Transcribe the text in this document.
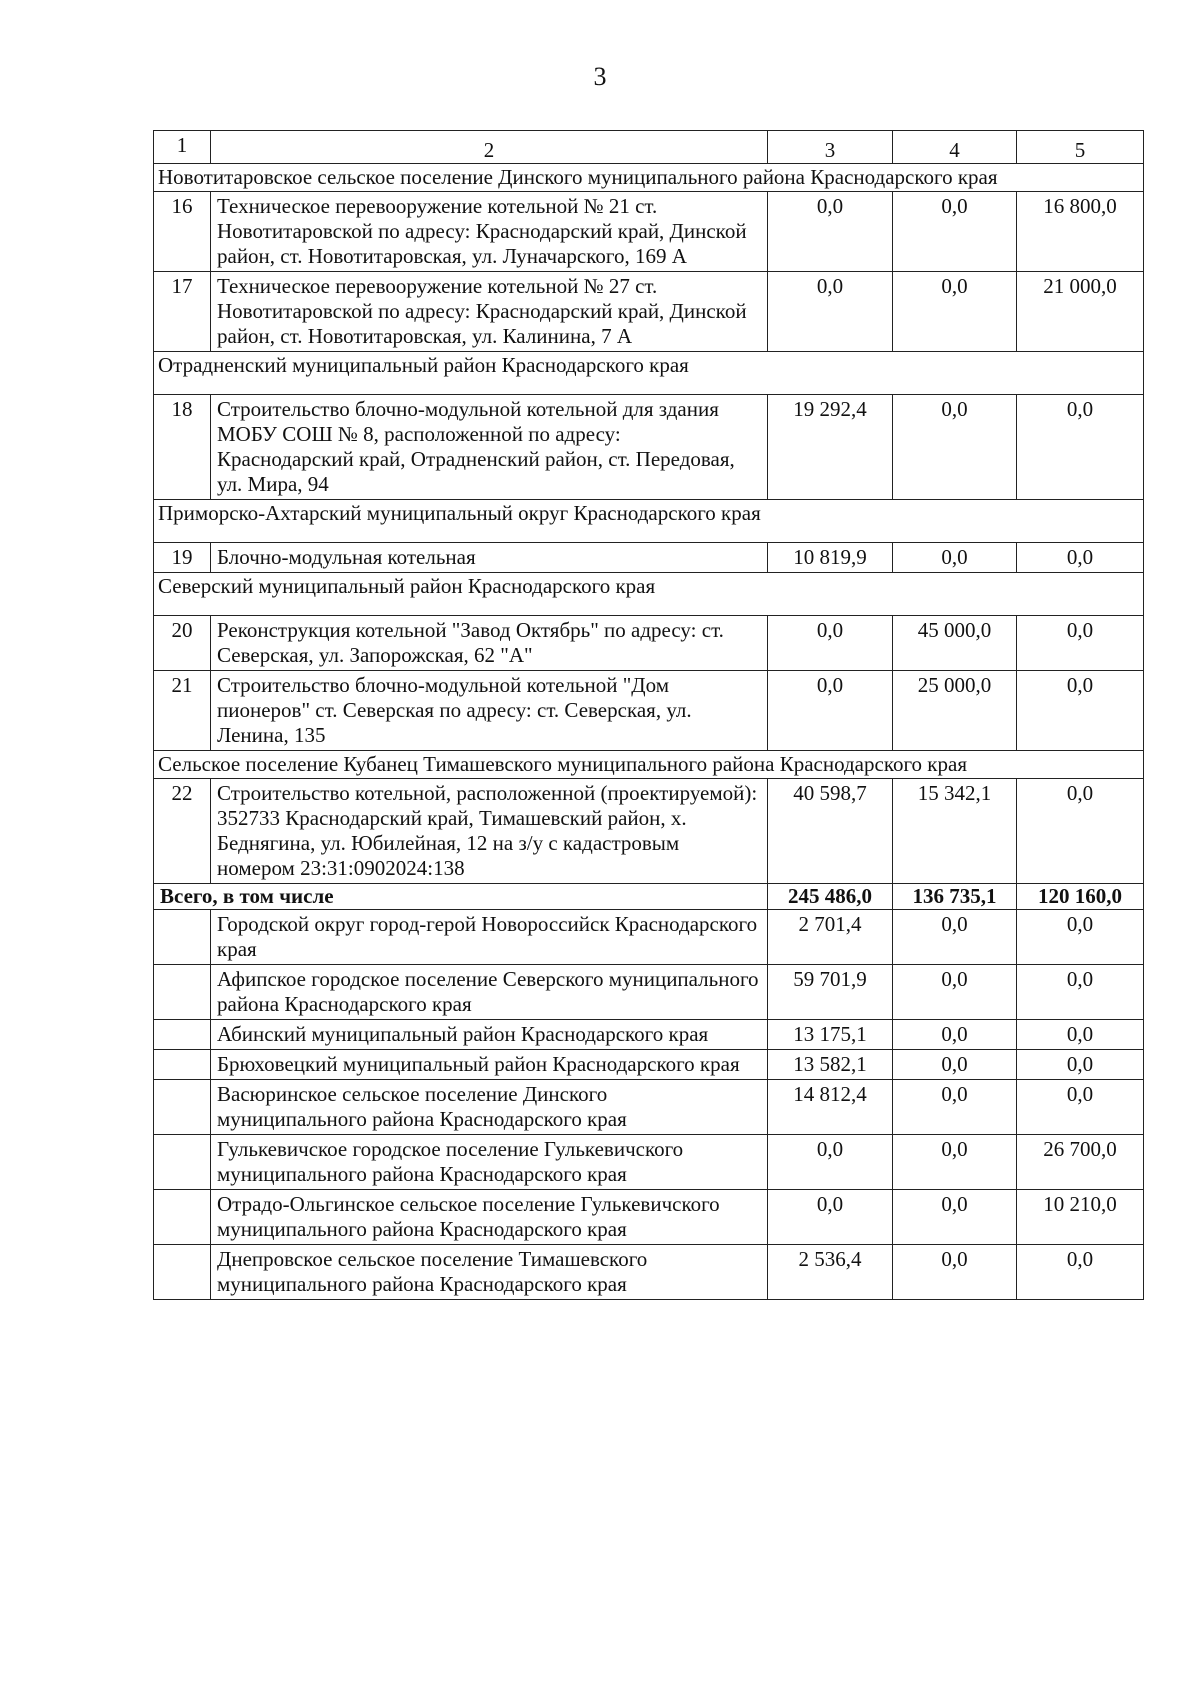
3
1	2	3	4	5
Новотитаровское сельское поселение Динского муниципального района Краснодарского края				
16	Техническое перевооружение котельной № 21 ст. Новотитаровской по адресу: Краснодарский край, Динской район, ст. Новотитаровская, ул. Луначарского, 169 А	0,0	0,0	16 800,0
17	Техническое перевооружение котельной № 27 ст. Новотитаровской по адресу: Краснодарский край, Динской район, ст. Новотитаровская, ул. Калинина, 7 А	0,0	0,0	21 000,0
Отрадненский муниципальный район Краснодарского края				
18	Строительство блочно-модульной котельной для здания МОБУ СОШ № 8, расположенной по адресу: Краснодарский край, Отрадненский район, ст. Передовая, ул. Мира, 94	19 292,4	0,0	0,0
Приморско-Ахтарский муниципальный округ Краснодарского края				
19	Блочно-модульная котельная	10 819,9	0,0	0,0
Северский муниципальный район Краснодарского края				
20	Реконструкция котельной "Завод Октябрь" по адресу: ст. Северская, ул. Запорожская, 62 "А"	0,0	45 000,0	0,0
21	Строительство блочно-модульной котельной "Дом пионеров" ст. Северская по адресу: ст. Северская, ул. Ленина, 135	0,0	25 000,0	0,0
Сельское поселение Кубанец Тимашевского муниципального района Краснодарского края				
22	Строительство котельной, расположенной (проектируемой): 352733 Краснодарский край, Тимашевский район, х. Беднягина, ул. Юбилейная, 12 на з/у с кадастровым номером 23:31:0902024:138	40 598,7	15 342,1	0,0
Всего, в том числе		245 486,0	136 735,1	120 160,0
	Городской округ город-герой Новороссийск Краснодарского края	2 701,4	0,0	0,0
	Афипское городское поселение Северского муниципального района Краснодарского края	59 701,9	0,0	0,0
	Абинский муниципальный район Краснодарского края	13 175,1	0,0	0,0
	Брюховецкий муниципальный район Краснодарского края	13 582,1	0,0	0,0
	Васюринское сельское поселение Динского муниципального района Краснодарского края	14 812,4	0,0	0,0
	Гулькевичское городское поселение Гулькевичского муниципального района Краснодарского края	0,0	0,0	26 700,0
	Отрадо-Ольгинское сельское поселение Гулькевичского муниципального района Краснодарского края	0,0	0,0	10 210,0
	Днепровское сельское поселение Тимашевского муниципального района Краснодарского края	2 536,4	0,0	0,0
